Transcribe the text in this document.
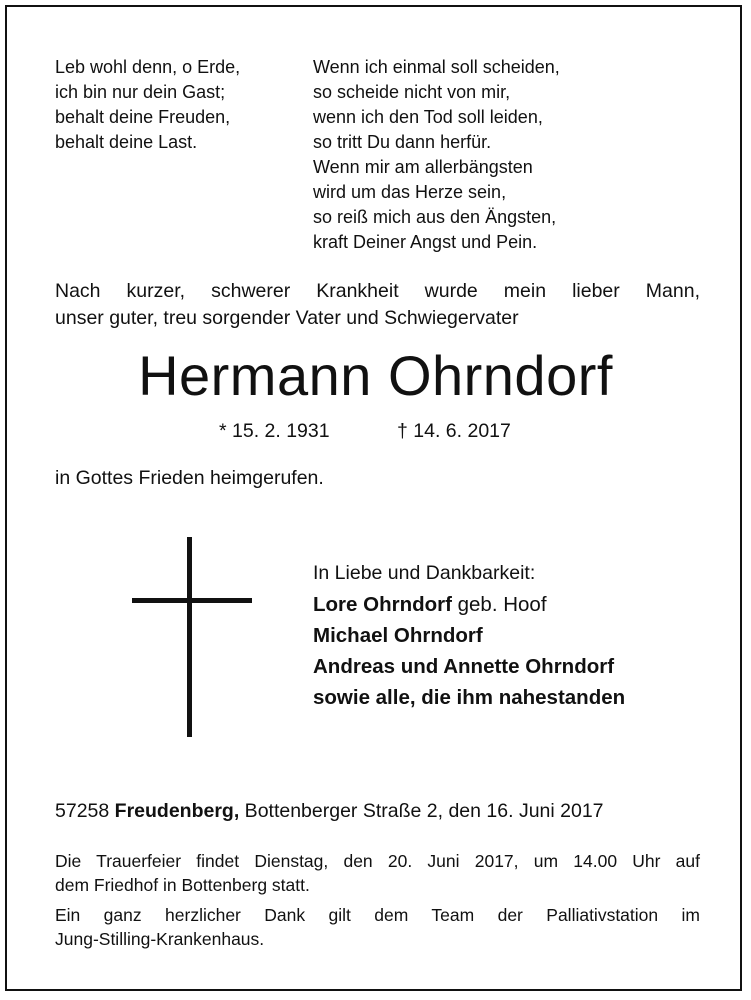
Leb wohl denn, o Erde,
ich bin nur dein Gast;
behalt deine Freuden,
behalt deine Last.
Wenn ich einmal soll scheiden,
so scheide nicht von mir,
wenn ich den Tod soll leiden,
so tritt Du dann herfür.
Wenn mir am allerbängsten
wird um das Herze sein,
so reiß mich aus den Ängsten,
kraft Deiner Angst und Pein.
Nach kurzer, schwerer Krankheit wurde mein lieber Mann,
unser guter, treu sorgender Vater und Schwiegervater
Hermann Ohrndorf
* 15. 2. 1931	† 14. 6. 2017
in Gottes Frieden heimgerufen.
In Liebe und Dankbarkeit:
Lore Ohrndorf geb. Hoof
Michael Ohrndorf
Andreas und Annette Ohrndorf
sowie alle, die ihm nahestanden
57258 Freudenberg, Bottenberger Straße 2, den 16. Juni 2017
Die Trauerfeier findet Dienstag, den 20. Juni 2017, um 14.00 Uhr auf
dem Friedhof in Bottenberg statt.
Ein ganz herzlicher Dank gilt dem Team der Palliativstation im
Jung-Stilling-Krankenhaus.
